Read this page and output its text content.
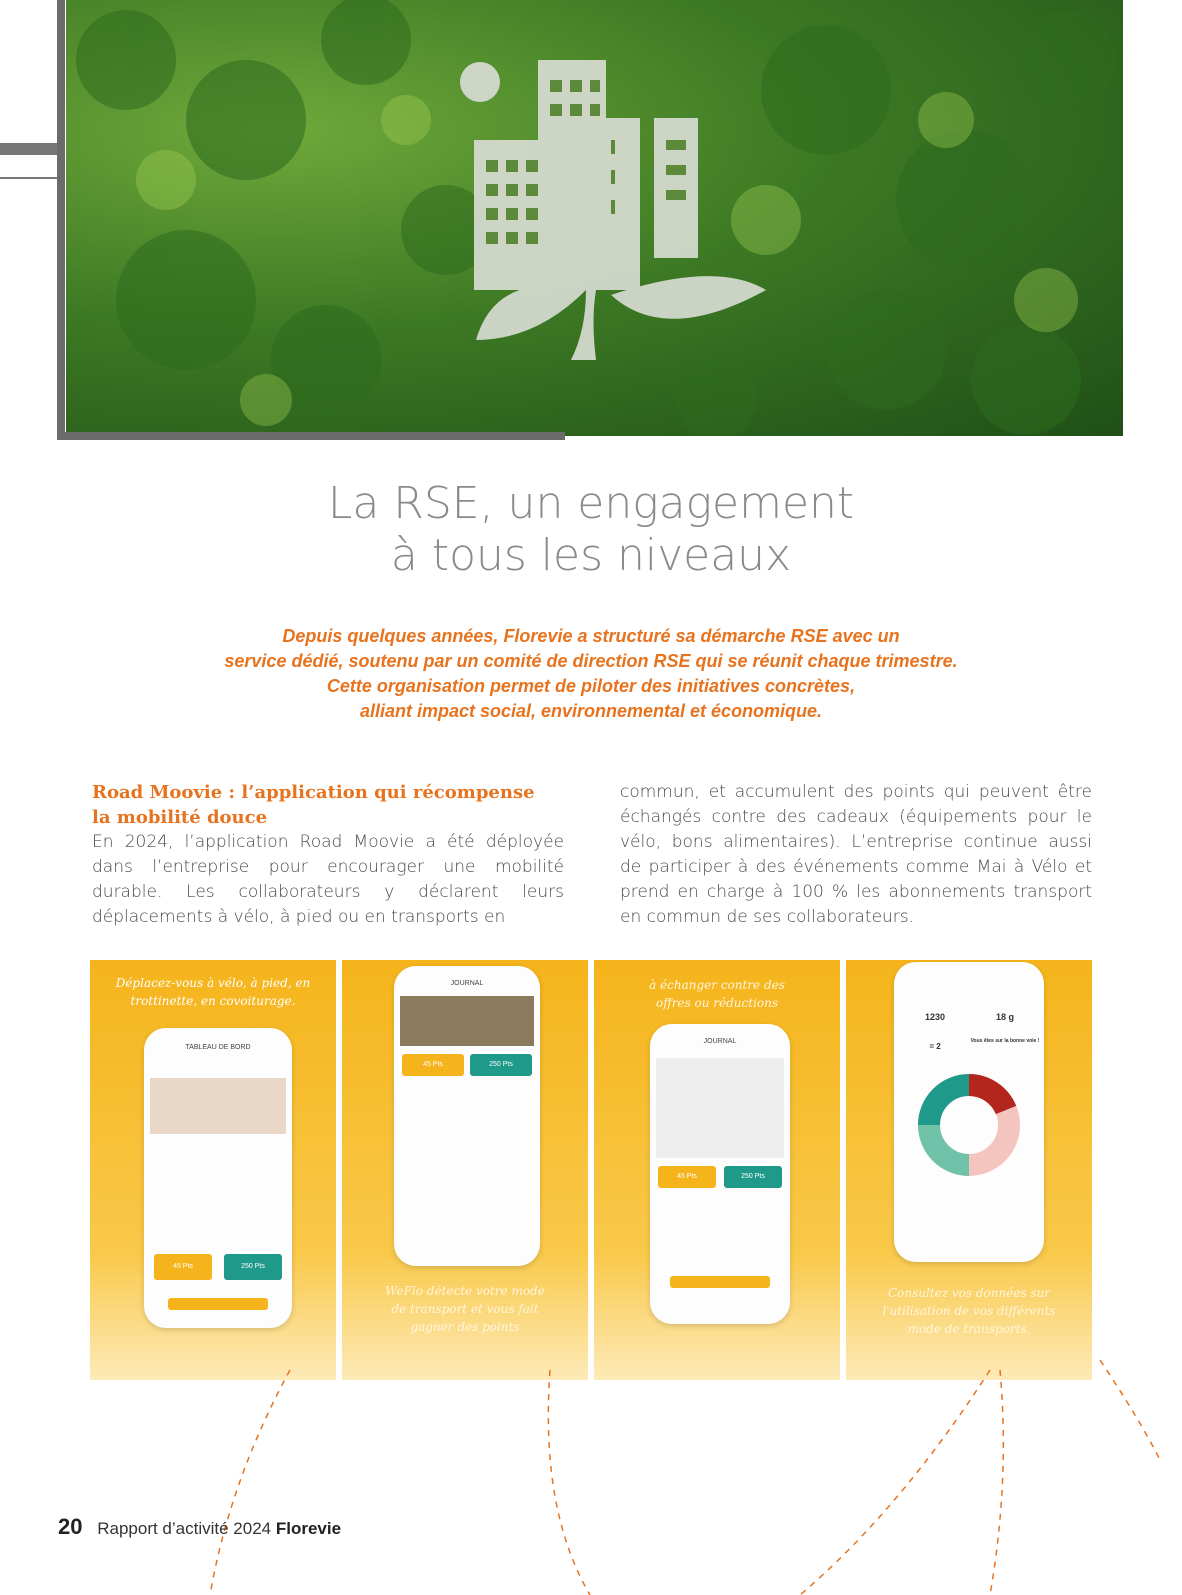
La RSE, un engagement
à tous les niveaux
Depuis quelques années, Florevie a structuré sa démarche RSE avec un
service dédié, soutenu par un comité de direction RSE qui se réunit chaque trimestre.
Cette organisation permet de piloter des initiatives concrètes,
alliant impact social, environnemental et économique.
Road Moovie : l’application qui récompense
la mobilité douce
En 2024, l’application Road Moovie a été déployée dans l’entreprise pour encourager une mobilité durable. Les collaborateurs y déclarent leurs déplacements à vélo, à pied ou en transports en
commun, et accumulent des points qui peuvent être échangés contre des cadeaux (équipements pour le vélo, bons alimentaires). L’entreprise continue aussi de participer à des événements comme Mai à Vélo et prend en charge à 100 % les abonnements transport en commun de ses collaborateurs.
Déplacez-vous à vélo, à pied, en trottinette, en covoiturage.
TABLEAU DE BORD
45 Pts	250 Pts
JOURNAL
45 Pts	250 Pts
WeFlo détecte votre mode de transport et vous fait gagner des points
à échanger contre des offres ou réductions
JOURNAL
45 Pts	250 Pts
1230	18 g
= 2
Vous êtes sur la bonne voie !
Consultez vos données sur l'utilisation de vos différents mode de transports.
20 Rapport d’activité 2024 Florevie
